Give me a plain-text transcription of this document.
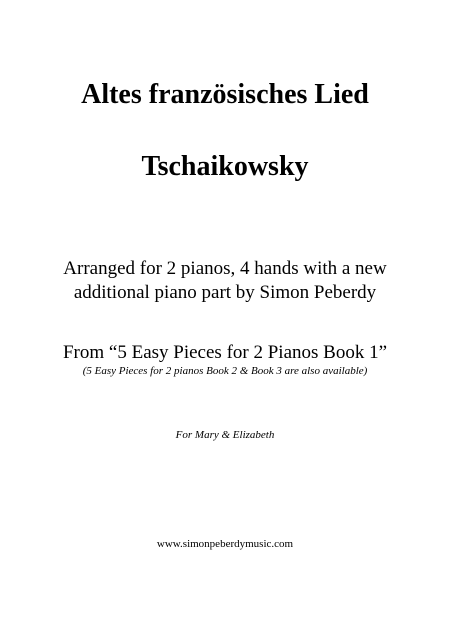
Altes französisches Lied
Tschaikowsky
Arranged for 2 pianos, 4 hands with a new
additional piano part by Simon Peberdy
From “5 Easy Pieces for 2 Pianos Book 1”
(5 Easy Pieces for 2 pianos Book 2 & Book 3 are also available)
For Mary & Elizabeth
www.simonpeberdymusic.com
